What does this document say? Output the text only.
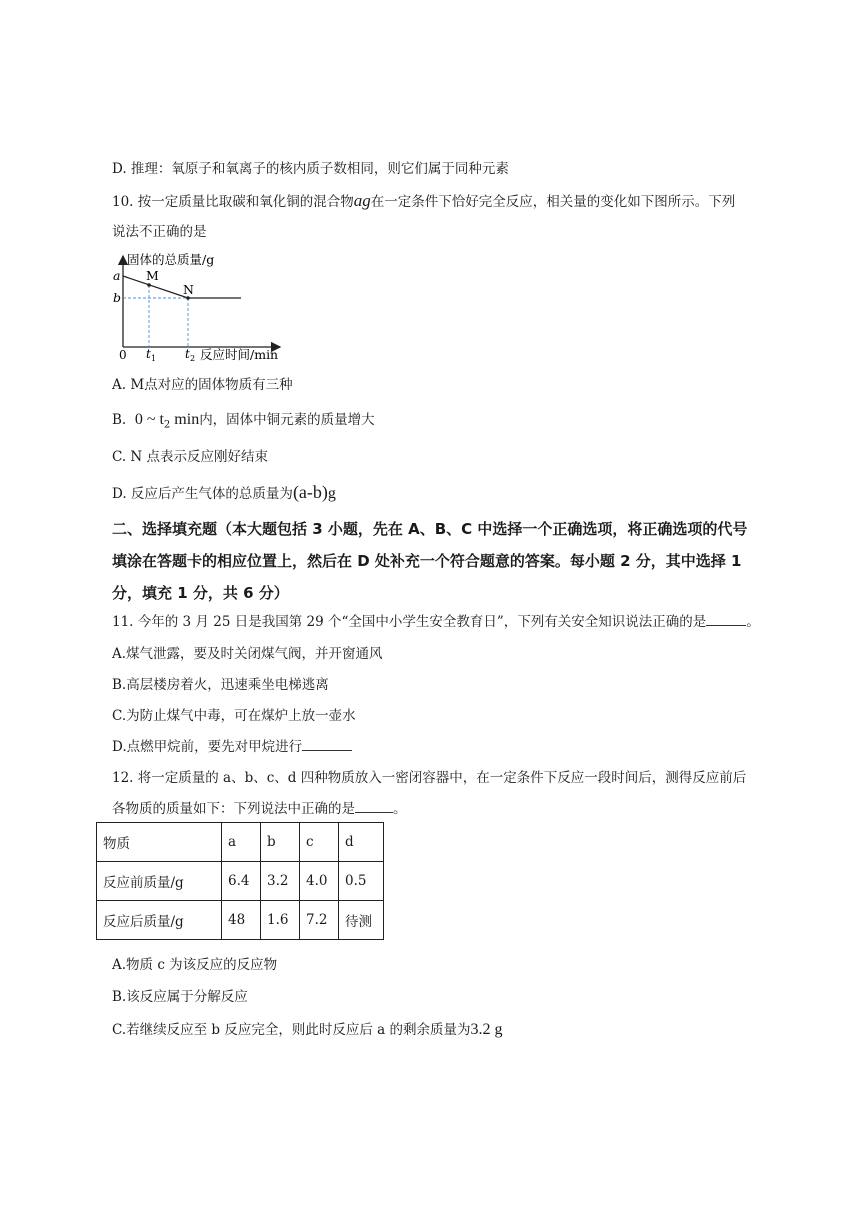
D. 推理：氧原子和氧离子的核内质子数相同，则它们属于同种元素
10. 按一定质量比取碳和氧化铜的混合物ag在一定条件下恰好完全反应，相关量的变化如下图所示。下列
说法不正确的是
固体的总质量/g
a
b
M
N
0 t 1 t 2 反应时间/min
A. M点对应的固体物质有三种
B. 0 ~ $t_2$ min内，固体中铜元素的质量增大
C. N 点表示反应刚好结束
D. 反应后产生气体的总质量为(a-b)g
二、选择填充题（本大题包括 3 小题，先在 A、B、C 中选择一个正确选项，将正确选项的代号填涂在答题卡的相应位置上，然后在 D 处补充一个符合题意的答案。每小题 2 分，其中选择 1 分，填充 1 分，共 6 分）
11. 今年的 3 月 25 日是我国第 29 个“全国中小学生安全教育日”，下列有关安全知识说法正确的是	。
A.煤气泄露，要及时关闭煤气阀，并开窗通风
B.高层楼房着火，迅速乘坐电梯逃离
C.为防止煤气中毒，可在煤炉上放一壶水
D.点燃甲烷前，要先对甲烷进行
12. 将一定质量的 a、b、c、d 四种物质放入一密闭容器中，在一定条件下反应一段时间后，测得反应前后
各物质的质量如下：下列说法中正确的是	。
物质	a	b	c	d
反应前质量/g	6.4	3.2	4.0	0.5
反应后质量/g	48	1.6	7.2	待测
A.物质 c 为该反应的反应物
B.该反应属于分解反应
C.若继续反应至 b 反应完全，则此时反应后 a 的剩余质量为3.2 g
